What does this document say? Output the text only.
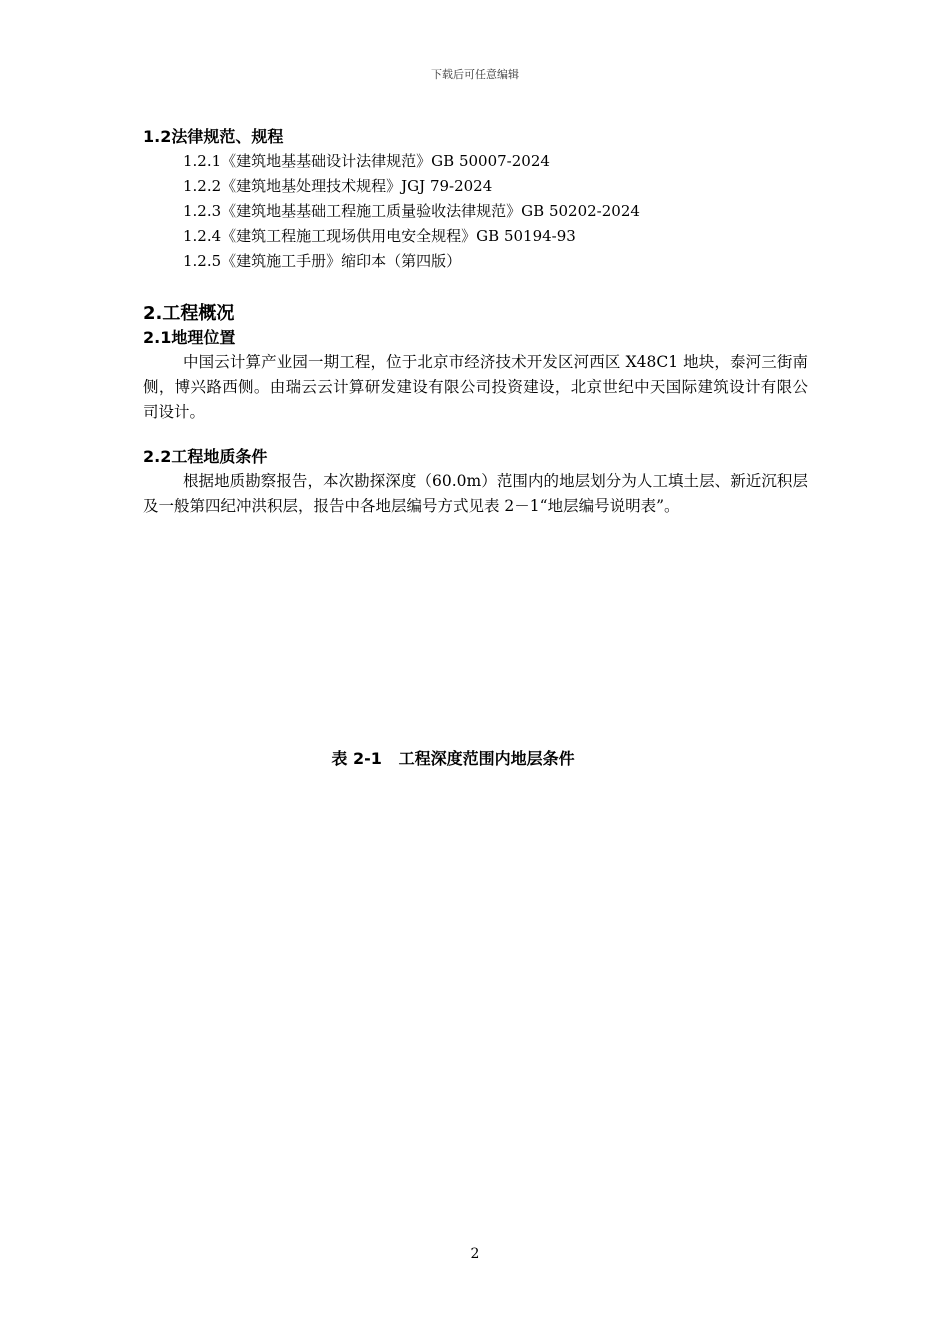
下载后可任意编辑
1.2法律规范、规程
1.2.1《建筑地基基础设计法律规范》GB 50007-2024
1.2.2《建筑地基处理技术规程》JGJ 79-2024
1.2.3《建筑地基基础工程施工质量验收法律规范》GB 50202-2024
1.2.4《建筑工程施工现场供用电安全规程》GB 50194-93
1.2.5《建筑施工手册》缩印本（第四版）
2.工程概况
2.1地理位置

中国云计算产业园一期工程，位于北京市经济技术开发区河西区 X48C1 地块，泰河三街南侧，博兴路西侧。由瑞云云计算研发建设有限公司投资建设，北京世纪中天国际建筑设计有限公司设计。

2.2工程地质条件

根据地质勘察报告，本次勘探深度（60.0m）范围内的地层划分为人工填土层、新近沉积层及一般第四纪冲洪积层，报告中各地层编号方式见表 2－1“地层编号说明表”。

表 2-1   工程深度范围内地层条件
2
